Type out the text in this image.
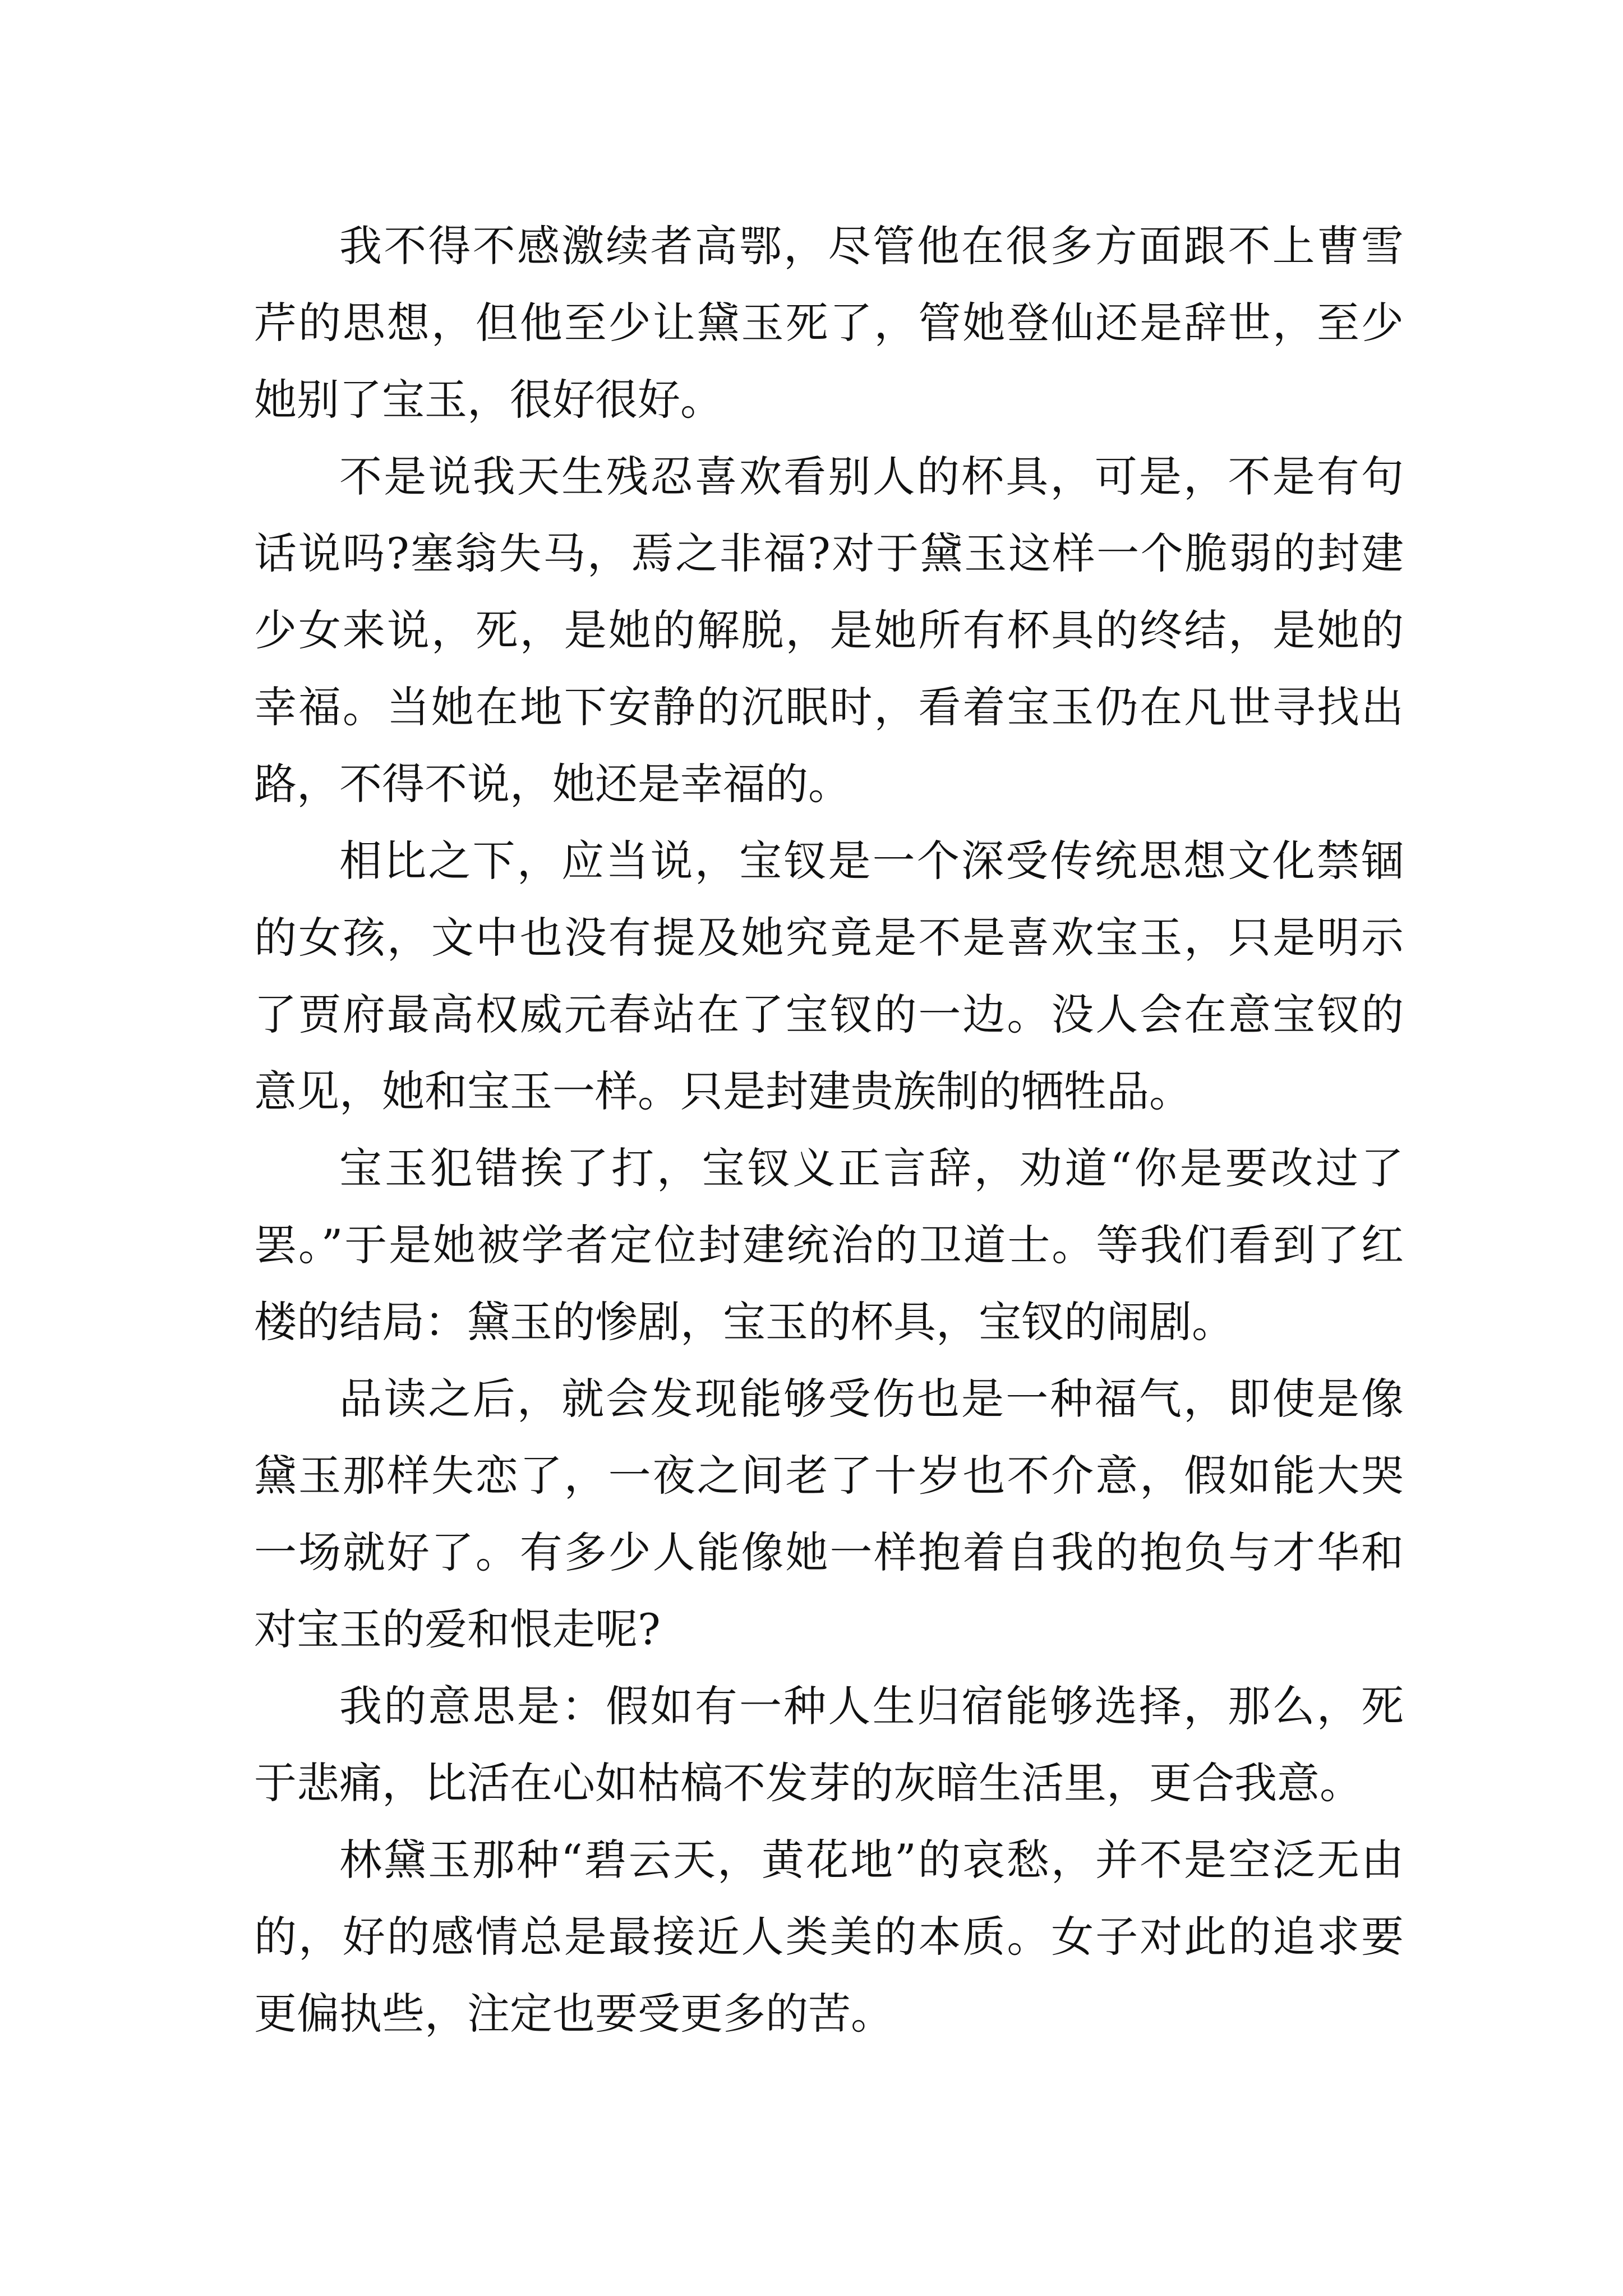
我不得不感激续者高鄂，尽管他在很多方面跟不上曹雪芹的思想，但他至少让黛玉死了，管她登仙还是辞世，至少她别了宝玉，很好很好。

不是说我天生残忍喜欢看别人的杯具，可是，不是有句话说吗?塞翁失马，焉之非福?对于黛玉这样一个脆弱的封建少女来说，死，是她的解脱，是她所有杯具的终结，是她的幸福。当她在地下安静的沉眠时，看着宝玉仍在凡世寻找出路，不得不说，她还是幸福的。

相比之下，应当说，宝钗是一个深受传统思想文化禁锢的女孩，文中也没有提及她究竟是不是喜欢宝玉，只是明示了贾府最高权威元春站在了宝钗的一边。没人会在意宝钗的意见，她和宝玉一样。只是封建贵族制的牺牲品。

宝玉犯错挨了打，宝钗义正言辞，劝道“你是要改过了罢。”于是她被学者定位封建统治的卫道士。等我们看到了红楼的结局：黛玉的惨剧，宝玉的杯具，宝钗的闹剧。

品读之后，就会发现能够受伤也是一种福气，即使是像黛玉那样失恋了，一夜之间老了十岁也不介意，假如能大哭一场就好了。有多少人能像她一样抱着自我的抱负与才华和对宝玉的爱和恨走呢?

我的意思是：假如有一种人生归宿能够选择，那么，死于悲痛，比活在心如枯槁不发芽的灰暗生活里，更合我意。

林黛玉那种“碧云天，黄花地”的哀愁，并不是空泛无由的，好的感情总是最接近人类美的本质。女子对此的追求要更偏执些，注定也要受更多的苦。
